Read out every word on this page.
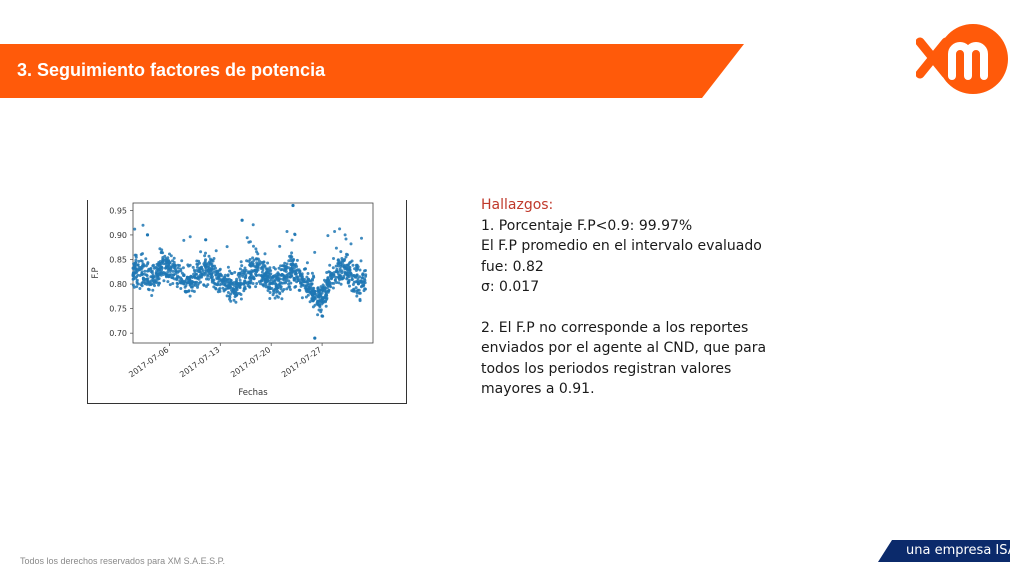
3. Seguimiento factores de potencia
0.95
0.90
0.85
0.80
0.75
0.70
2017-07-06 2017-07-13 2017-07-20 2017-07-27
Fechas
F.P
Hallazgos:
1. Porcentaje F.P<0.9: 99.97%
El F.P promedio en el intervalo evaluado fue: 0.82
σ: 0.017
2. El F.P no corresponde a los reportes enviados por el agente al CND, que para todos los periodos registran valores mayores a 0.91.
Todos los derechos reservados para XM S.A.E.S.P.
una empresa ISA
